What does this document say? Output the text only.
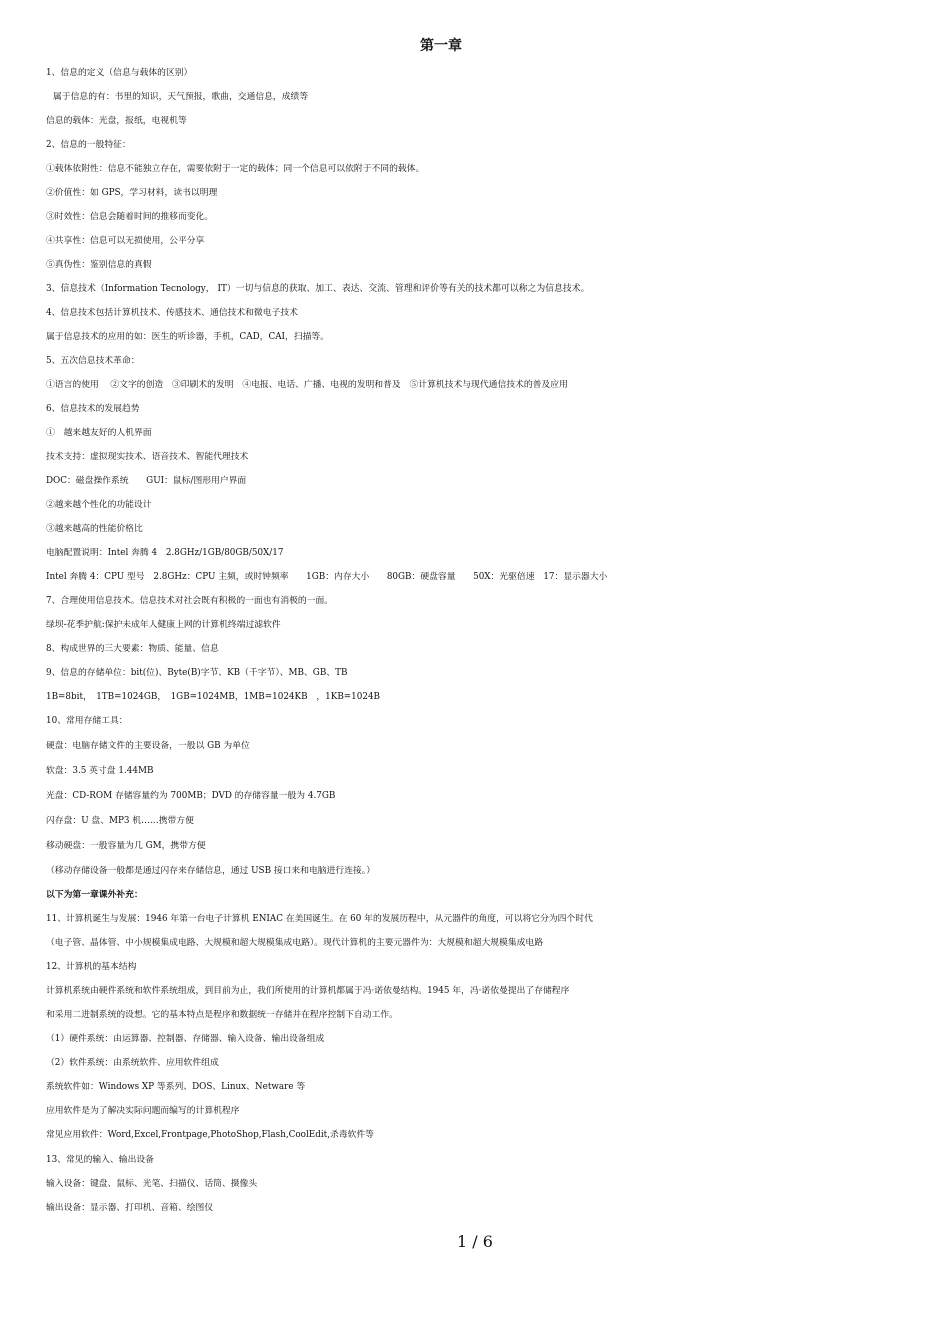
第一章
1、信息的定义（信息与载体的区别）
属于信息的有：书里的知识，天气预报，歌曲，交通信息，成绩等
信息的载体：光盘，报纸，电视机等
2、信息的一般特征：
①载体依附性：信息不能独立存在，需要依附于一定的载体；同一个信息可以依附于不同的载体。
②价值性：如 GPS，学习材料，读书以明理
③时效性：信息会随着时间的推移而变化。
④共享性：信息可以无损使用，公平分享
⑤真伪性：鉴别信息的真假
3、信息技术（Information Tecnology， IT）一切与信息的获取、加工、表达、交流、管理和评价等有关的技术都可以称之为信息技术。
4、信息技术包括计算机技术、传感技术、通信技术和微电子技术
属于信息技术的应用的如：医生的听诊器，手机，CAD，CAI，扫描等。
5、五次信息技术革命：
①语言的使用　 ②文字的创造　③印刷术的发明　④电报、电话、广播、电视的发明和普及　⑤计算机技术与现代通信技术的普及应用
6、信息技术的发展趋势
①　越来越友好的人机界面
技术支持：虚拟现实技术、语音技术、智能代理技术
DOC：磁盘操作系统　　GUI：鼠标/图形用户界面
②越来越个性化的功能设计
③越来越高的性能价格比
电脑配置说明：Intel 奔腾 4　2.8GHz/1GB/80GB/50X/17
Intel 奔腾 4：CPU 型号　2.8GHz：CPU 主频，或时钟频率　　1GB：内存大小　　80GB：硬盘容量　　50X：光驱倍速　17：显示器大小
7、合理使用信息技术。信息技术对社会既有积极的一面也有消极的一面。
绿坝-花季护航:保护未成年人健康上网的计算机终端过滤软件
8、构成世界的三大要素：物质、能量、信息
9、信息的存储单位：bit(位)、Byte(B)字节、KB（千字节）、MB、GB、TB
1B=8bit，　1TB=1024GB，　1GB=1024MB，1MB=1024KB　，1KB=1024B
10、常用存储工具：
硬盘：电脑存储文件的主要设备，一般以 GB 为单位
软盘：3.5 英寸盘 1.44MB
光盘：CD-ROM 存储容量约为 700MB；DVD 的存储容量一般为 4.7GB
闪存盘：U 盘、MP3 机……携带方便
移动硬盘：一般容量为几 GM，携带方便
（移动存储设备一般都是通过闪存来存储信息，通过 USB 接口来和电脑进行连接。）
以下为第一章课外补充：
11、计算机诞生与发展：1946 年第一台电子计算机 ENIAC 在美国诞生。在 60 年的发展历程中，从元器件的角度，可以将它分为四个时代
（电子管、晶体管、中小规模集成电路、大规模和超大规模集成电路）。现代计算机的主要元器件为：大规模和超大规模集成电路
12、计算机的基本结构
计算机系统由硬件系统和软件系统组成，到目前为止，我们所使用的计算机都属于冯·诺依曼结构。1945 年，冯·诺依曼提出了存储程序
和采用二进制系统的设想。它的基本特点是程序和数据统一存储并在程序控制下自动工作。
（1）硬件系统：由运算器、控制器、存储器、输入设备、输出设备组成
（2）软件系统：由系统软件、应用软件组成
系统软件如：Windows XP 等系列、DOS、Linux、Netware 等
应用软件是为了解决实际问题而编写的计算机程序
常见应用软件：Word,Excel,Frontpage,PhotoShop,Flash,CoolEdit,杀毒软件等
13、常见的输入、输出设备
输入设备：键盘、鼠标、光笔、扫描仪、话筒、摄像头
输出设备：显示器、打印机、音箱、绘图仪
1 / 6
